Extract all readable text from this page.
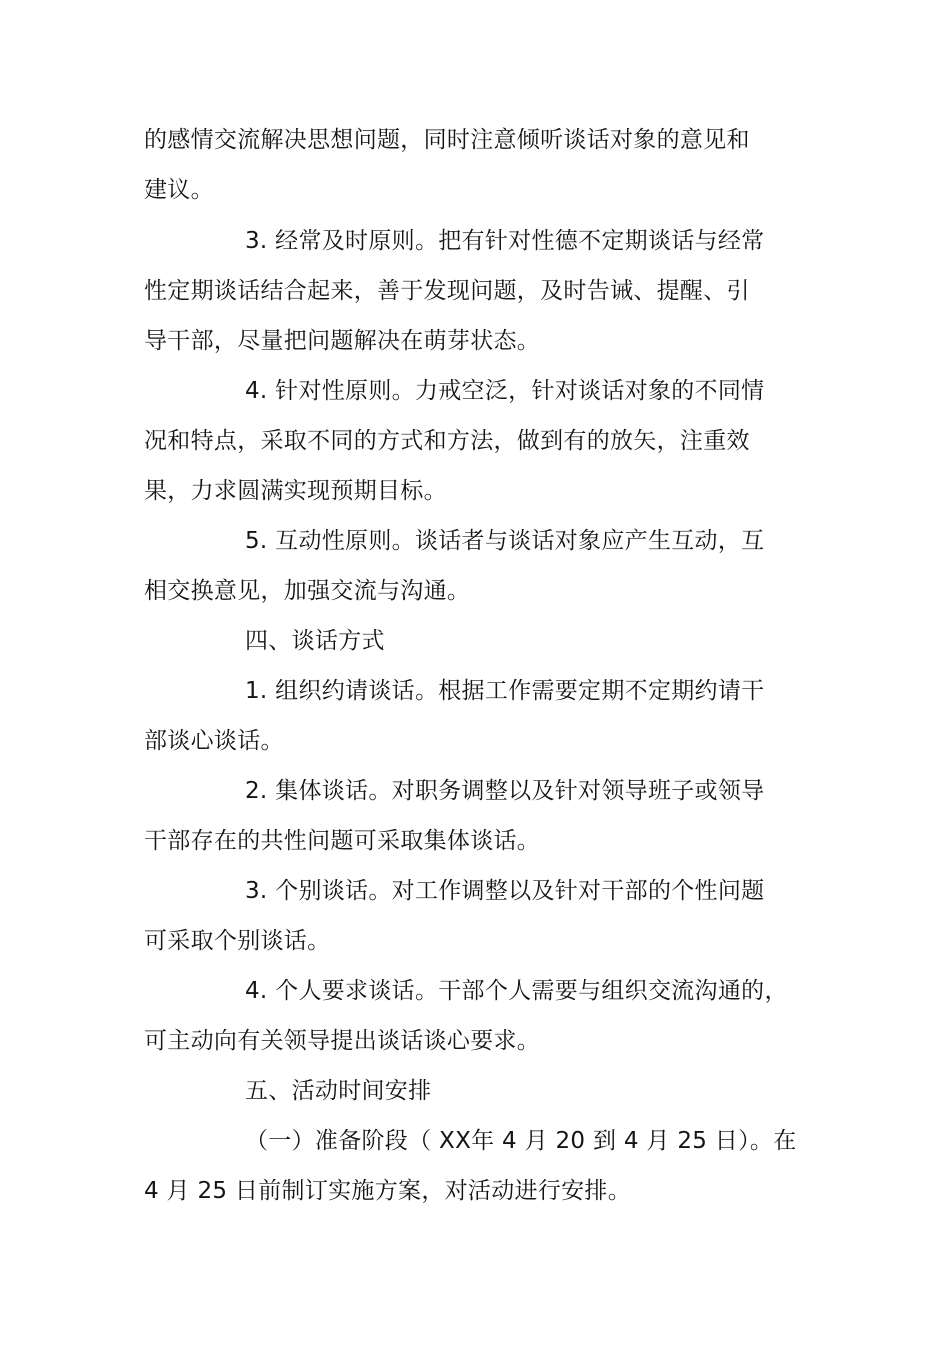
的感情交流解决思想问题，同时注意倾听谈话对象的意见和
建议。
3. 经常及时原则。把有针对性德不定期谈话与经常
性定期谈话结合起来，善于发现问题，及时告诫、提醒、引
导干部，尽量把问题解决在萌芽状态。
4. 针对性原则。力戒空泛，针对谈话对象的不同情
况和特点，采取不同的方式和方法，做到有的放矢，注重效
果，力求圆满实现预期目标。
5. 互动性原则。谈话者与谈话对象应产生互动，互
相交换意见，加强交流与沟通。
四、谈话方式
1. 组织约请谈话。根据工作需要定期不定期约请干
部谈心谈话。
2. 集体谈话。对职务调整以及针对领导班子或领导
干部存在的共性问题可采取集体谈话。
3. 个别谈话。对工作调整以及针对干部的个性问题
可采取个别谈话。
4. 个人要求谈话。干部个人需要与组织交流沟通的，
可主动向有关领导提出谈话谈心要求。
五、活动时间安排
（一）准备阶段（ XX年 4 月 20 到 4 月 25 日）。在
4 月 25 日前制订实施方案，对活动进行安排。
